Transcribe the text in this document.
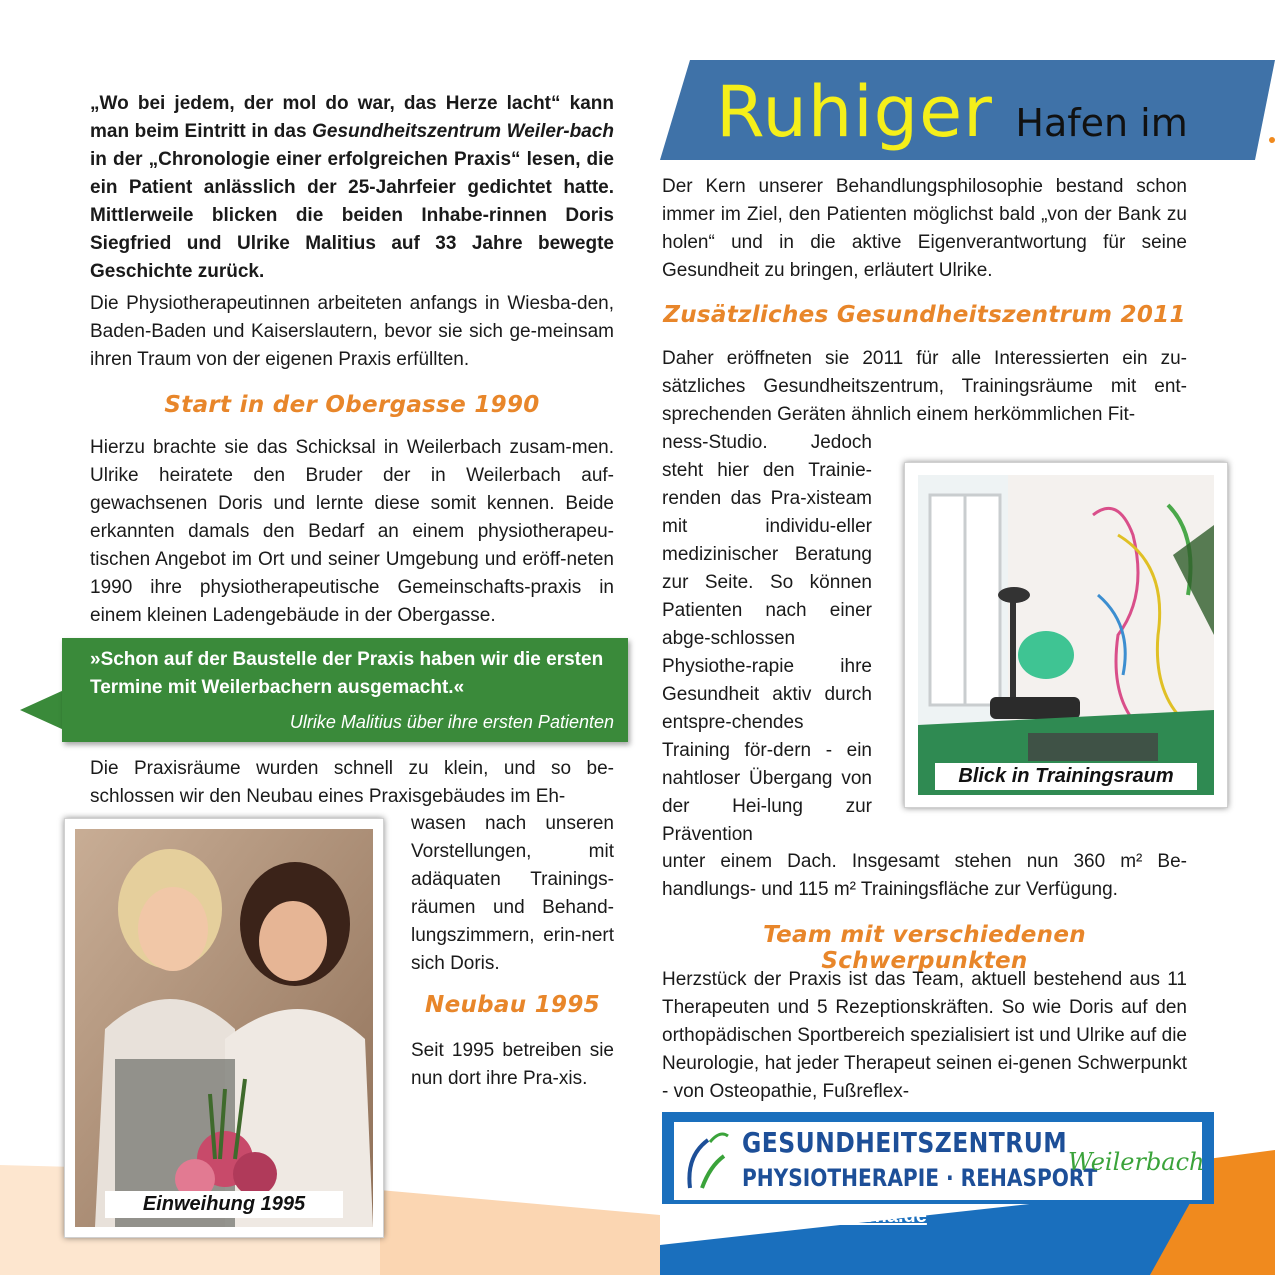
Ruhiger Hafen im

„Wo bei jedem, der mol do war, das Herze lacht“ kann man beim Eintritt in das Gesundheitszentrum Weiler-bach in der „Chronologie einer erfolgreichen Praxis“ lesen, die ein Patient anlässlich der 25-Jahrfeier gedichtet hatte. Mittlerweile blicken die beiden Inhabe-rinnen Doris Siegfried und Ulrike Malitius auf 33 Jahre bewegte Geschichte zurück.

Die Physiotherapeutinnen arbeiteten anfangs in Wiesba-den, Baden-Baden und Kaiserslautern, bevor sie sich ge-meinsam ihren Traum von der eigenen Praxis erfüllten.

Start in der Obergasse 1990

Hierzu brachte sie das Schicksal in Weilerbach zusam-men. Ulrike heiratete den Bruder der in Weilerbach auf-gewachsenen Doris und lernte diese somit kennen. Beide erkannten damals den Bedarf an einem physiotherapeu-tischen Angebot im Ort und seiner Umgebung und eröff-neten 1990 ihre physiotherapeutische Gemeinschafts-praxis in einem kleinen Ladengebäude in der Obergasse.

»Schon auf der Baustelle der Praxis haben wir die ersten Termine mit Weilerbachern ausgemacht.«
Ulrike Malitius über ihre ersten Patienten

Die Praxisräume wurden schnell zu klein, und so be-schlossen wir den Neubau eines Praxisgebäudes im Eh-

Einweihung 1995

wasen nach unseren Vorstellungen, mit adäquaten Trainings-räumen und Behand-lungszimmern, erin-nert sich Doris.

Neubau 1995

Seit 1995 betreiben sie nun dort ihre Pra-xis.

Der Kern unserer Behandlungsphilosophie bestand schon immer im Ziel, den Patienten möglichst bald „von der Bank zu holen“ und in die aktive Eigenverantwortung für seine Gesundheit zu bringen, erläutert Ulrike.

Zusätzliches Gesundheitszentrum 2011

Daher eröffneten sie 2011 für alle Interessierten ein zu-sätzliches Gesundheitszentrum, Trainingsräume mit ent-sprechenden Geräten ähnlich einem herkömmlichen Fit-

ness-Studio. Jedoch steht hier den Trainie-renden das Pra-xisteam mit individu-eller medizinischer Beratung zur Seite. So können Patienten nach einer abge-schlossen Physiothe-rapie ihre Gesundheit aktiv durch entspre-chendes Training för-dern - ein nahtloser Übergang von der Hei-lung zur Prävention

Blick in Trainingsraum

unter einem Dach. Insgesamt stehen nun 360 m² Be-handlungs- und 115 m² Trainingsfläche zur Verfügung.

Team mit verschiedenen Schwerpunkten

Herzstück der Praxis ist das Team, aktuell bestehend aus 11 Therapeuten und 5 Rezeptionskräften. So wie Doris auf den orthopädischen Sportbereich spezialisiert ist und Ulrike auf die Neurologie, hat jeder Therapeut seinen ei-genen Schwerpunkt - von Osteopathie, Fußreflex-

GESUNDHEITSZENTRUM
PHYSIOTHERAPIE · REHASPORT
Weilerbach
www.praxis-sport-reha.de
